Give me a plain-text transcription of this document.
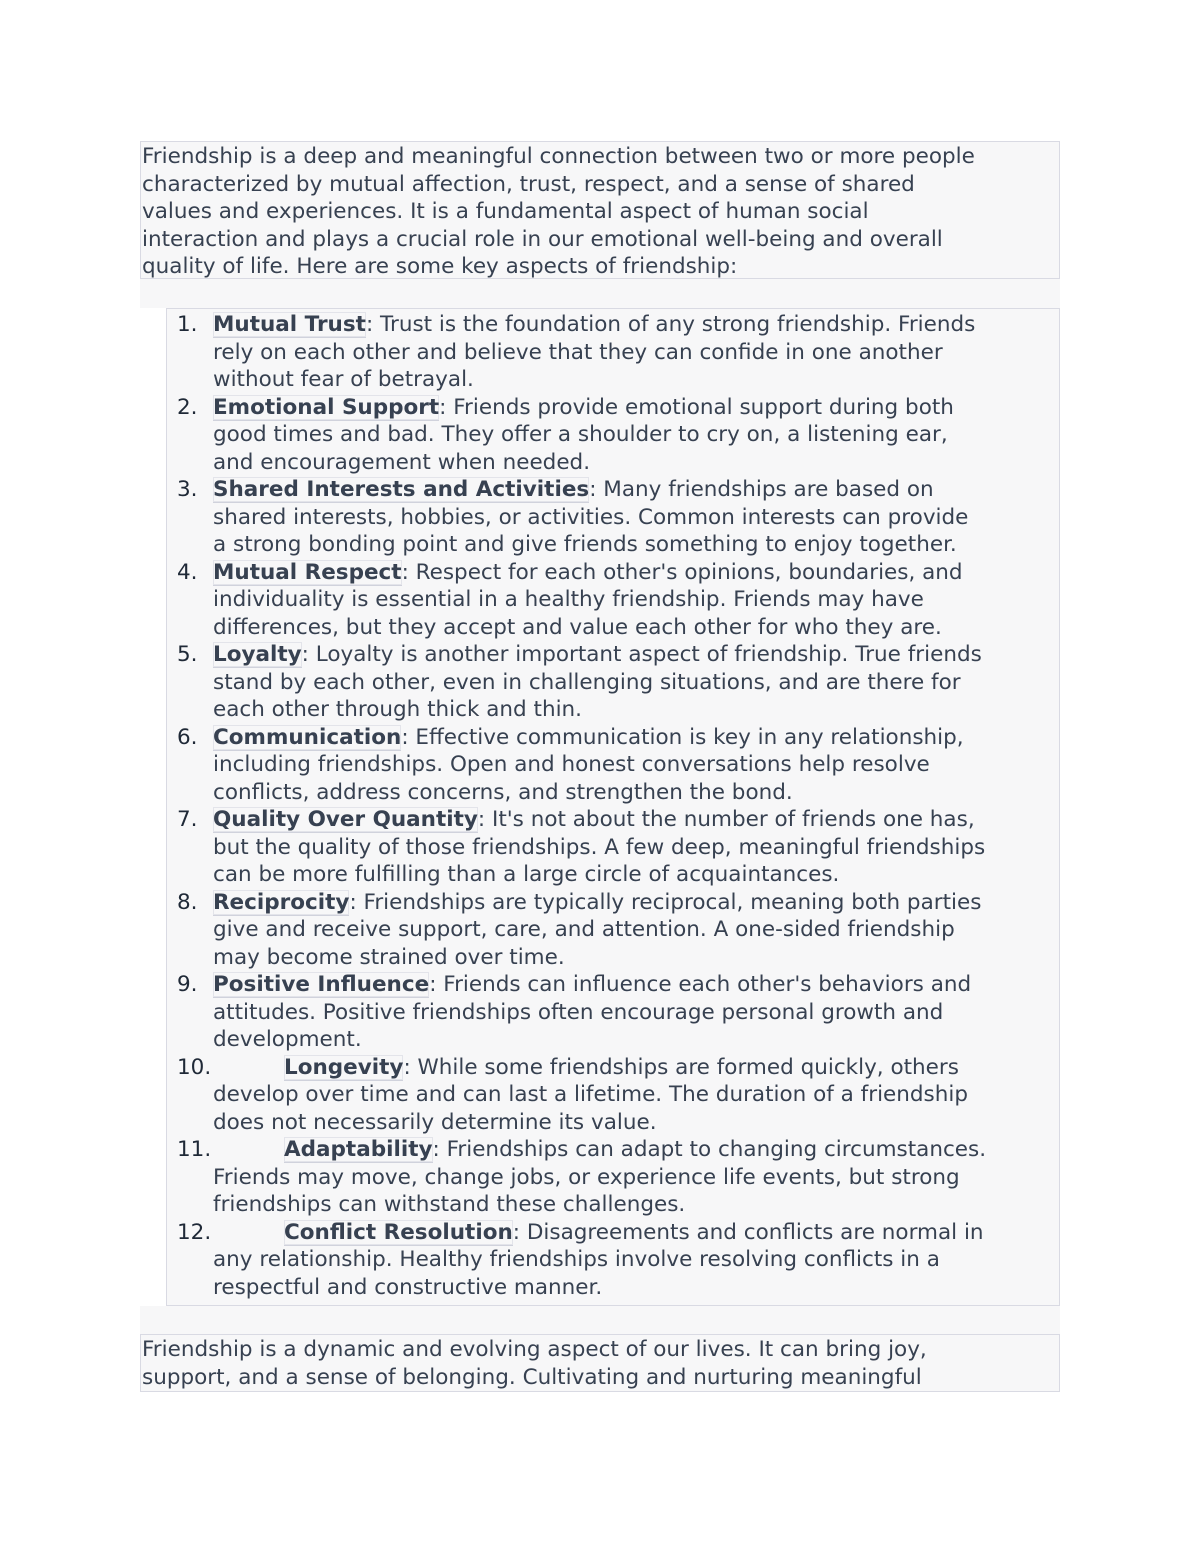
Friendship is a deep and meaningful connection between two or more people
characterized by mutual affection, trust, respect, and a sense of shared
values and experiences. It is a fundamental aspect of human social
interaction and plays a crucial role in our emotional well-being and overall
quality of life. Here are some key aspects of friendship:

1. Mutual Trust: Trust is the foundation of any strong friendship. Friends
rely on each other and believe that they can confide in one another
without fear of betrayal.
2. Emotional Support: Friends provide emotional support during both
good times and bad. They offer a shoulder to cry on, a listening ear,
and encouragement when needed.
3. Shared Interests and Activities: Many friendships are based on
shared interests, hobbies, or activities. Common interests can provide
a strong bonding point and give friends something to enjoy together.
4. Mutual Respect: Respect for each other's opinions, boundaries, and
individuality is essential in a healthy friendship. Friends may have
differences, but they accept and value each other for who they are.
5. Loyalty: Loyalty is another important aspect of friendship. True friends
stand by each other, even in challenging situations, and are there for
each other through thick and thin.
6. Communication: Effective communication is key in any relationship,
including friendships. Open and honest conversations help resolve
conflicts, address concerns, and strengthen the bond.
7. Quality Over Quantity: It's not about the number of friends one has,
but the quality of those friendships. A few deep, meaningful friendships
can be more fulfilling than a large circle of acquaintances.
8. Reciprocity: Friendships are typically reciprocal, meaning both parties
give and receive support, care, and attention. A one-sided friendship
may become strained over time.
9. Positive Influence: Friends can influence each other's behaviors and
attitudes. Positive friendships often encourage personal growth and
development.
10.	Longevity: While some friendships are formed quickly, others
develop over time and can last a lifetime. The duration of a friendship
does not necessarily determine its value.
11.	Adaptability: Friendships can adapt to changing circumstances.
Friends may move, change jobs, or experience life events, but strong
friendships can withstand these challenges.
12.	Conflict Resolution: Disagreements and conflicts are normal in
any relationship. Healthy friendships involve resolving conflicts in a
respectful and constructive manner.

Friendship is a dynamic and evolving aspect of our lives. It can bring joy,
support, and a sense of belonging. Cultivating and nurturing meaningful
